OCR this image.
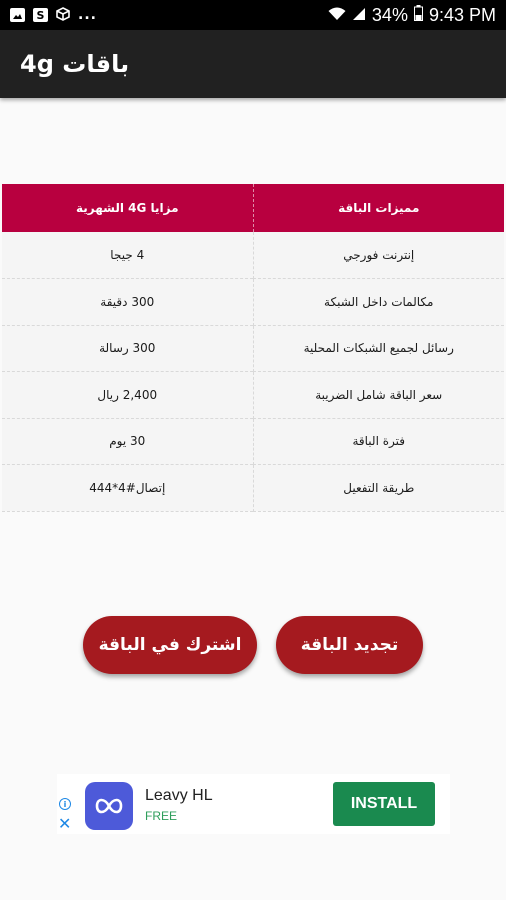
S ...	34% 9:43 PM
باقات 4g
مميزات الباقة	مزايا 4G الشهرية
إنترنت فورجي	4 جيجا
مكالمات داخل الشبكة	300 دقيقة
رسائل لجميع الشبكات المحلية	300 رسالة
سعر الباقة شامل الضريبة	2,400 ريال
فترة الباقة	30 يوم
طريقة التفعيل	إتصال#4*444
تجديد الباقة
اشترك في الباقة
i
✕
Leavy HL
FREE
INSTALL
